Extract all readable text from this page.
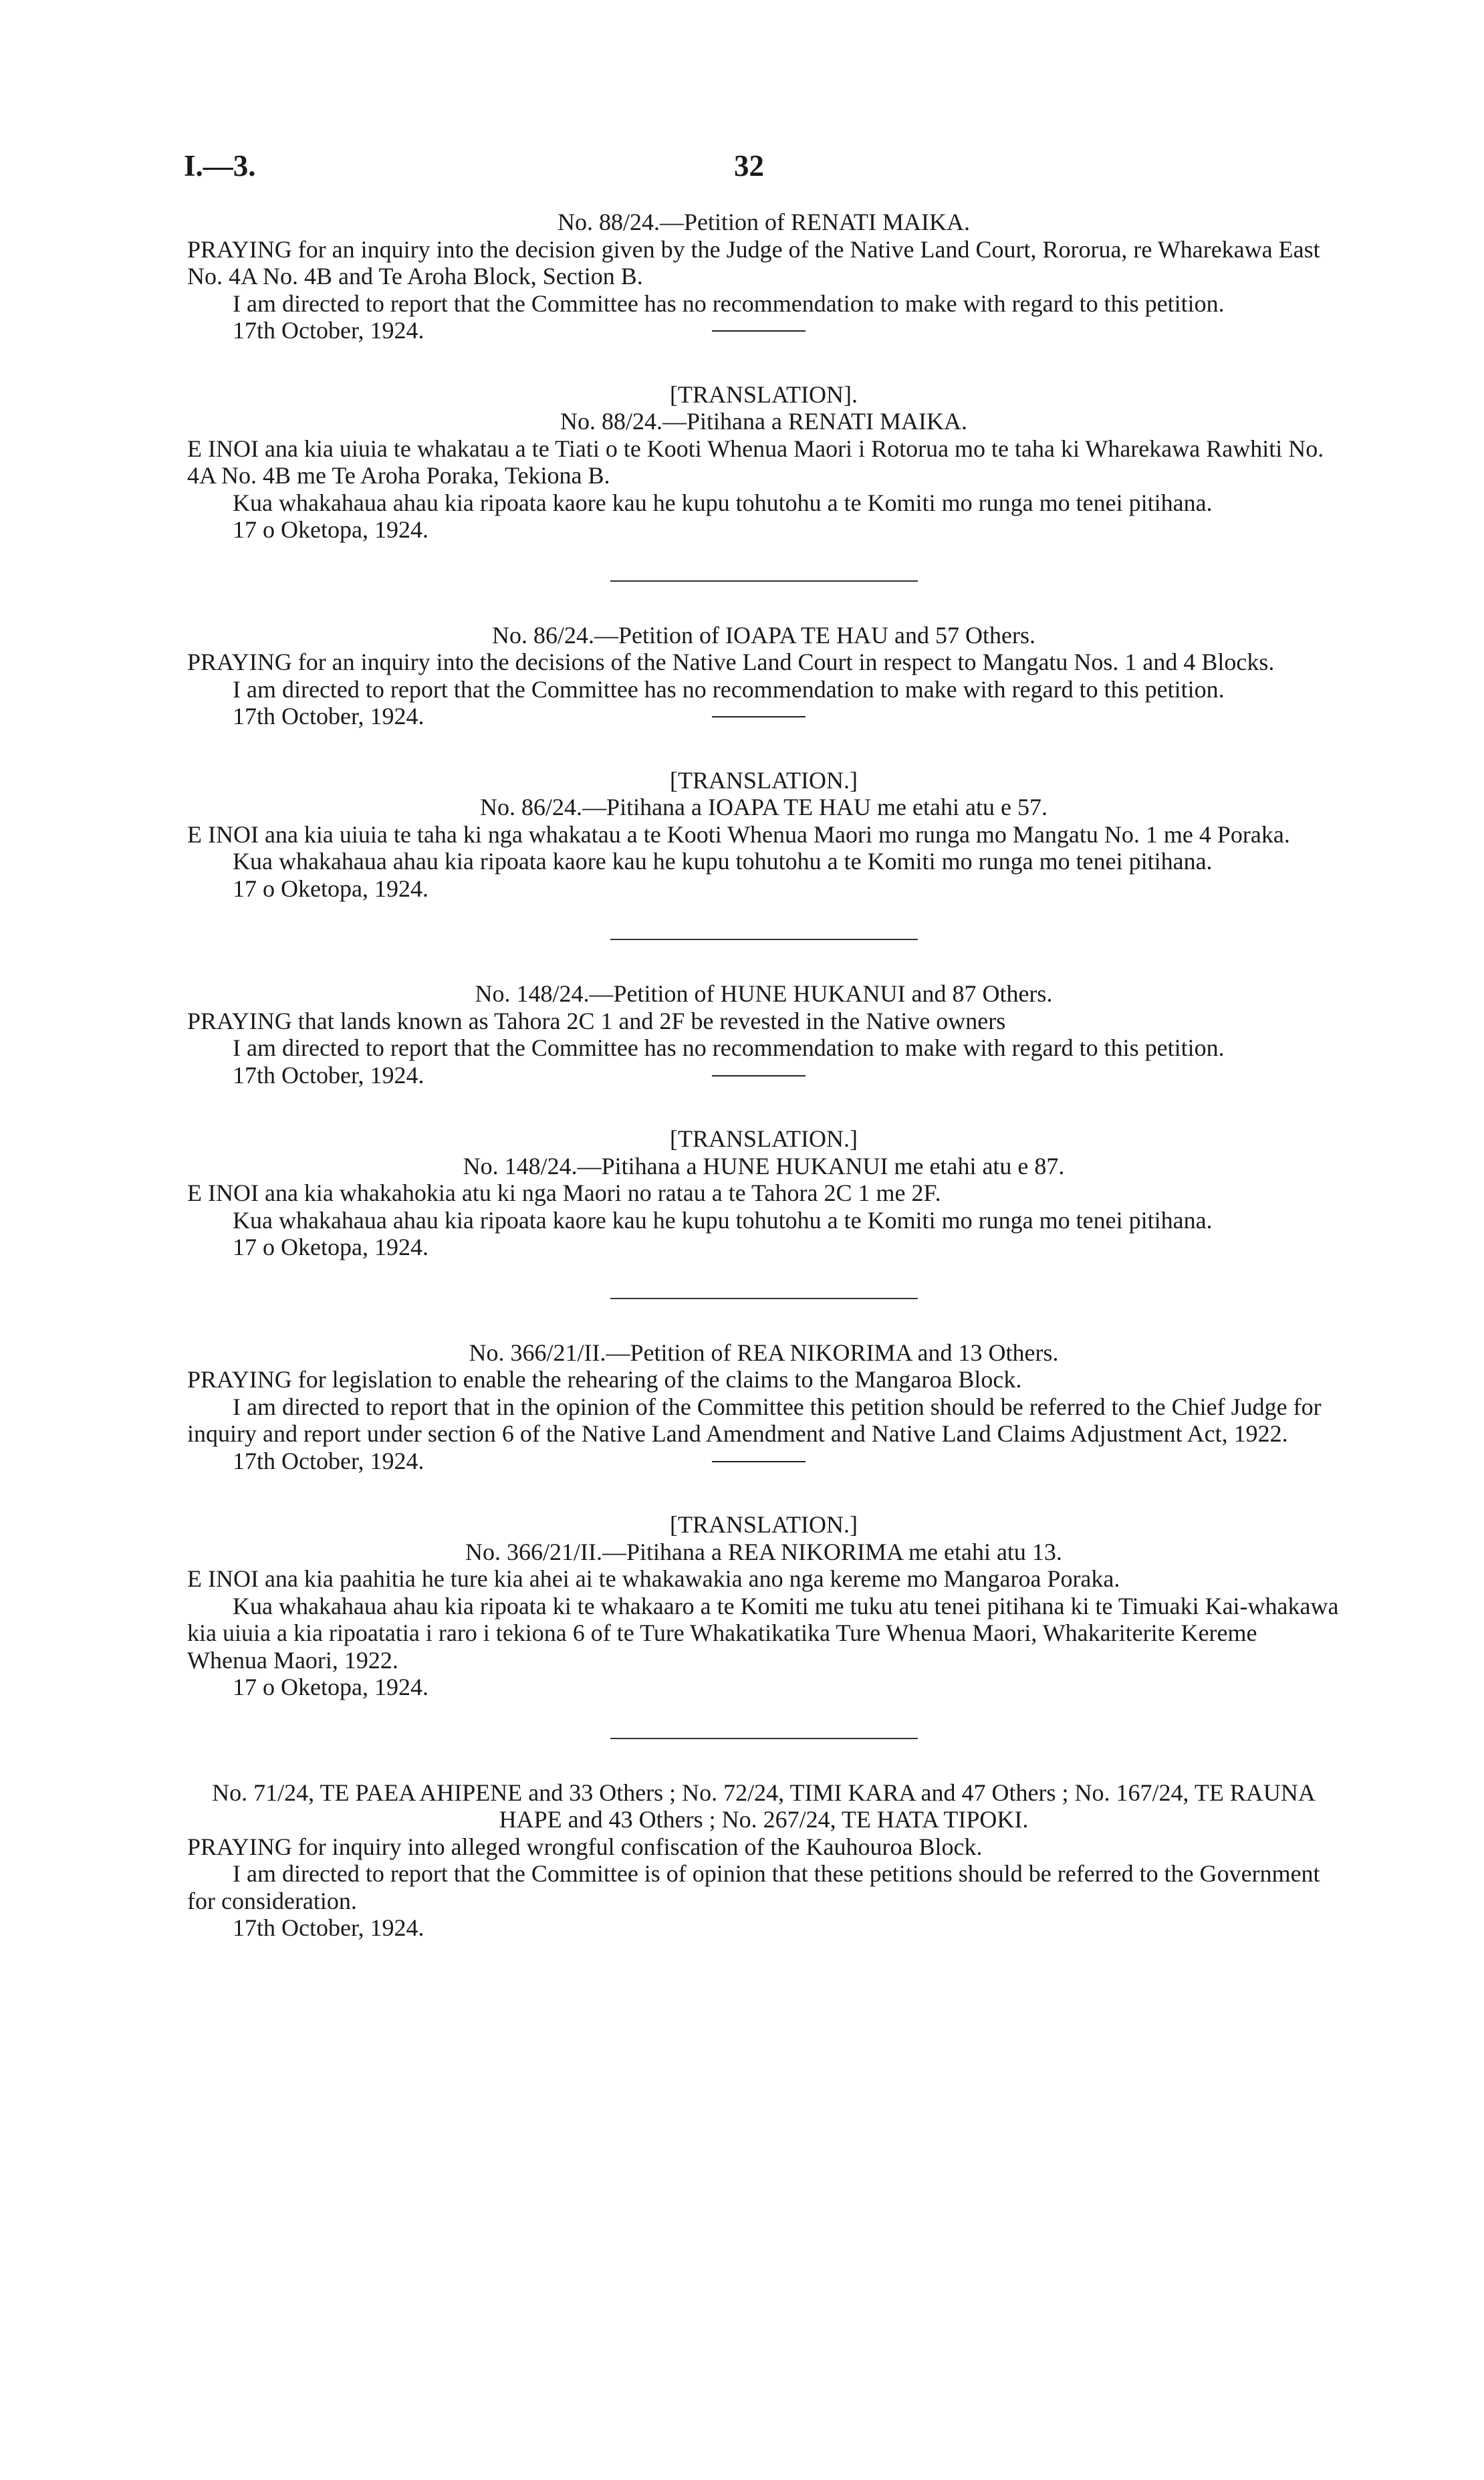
I.—3.	32

No. 88/24.—Petition of RENATI MAIKA.

PRAYING for an inquiry into the decision given by the Judge of the Native Land Court, Rororua, re Wharekawa East No. 4A No. 4B and Te Aroha Block, Section B.

I am directed to report that the Committee has no recommendation to make with regard to this petition.

17th October, 1924.

[TRANSLATION].

No. 88/24.—Pitihana a RENATI MAIKA.

E INOI ana kia uiuia te whakatau a te Tiati o te Kooti Whenua Maori i Rotorua mo te taha ki Wharekawa Rawhiti No. 4A No. 4B me Te Aroha Poraka, Tekiona B.

Kua whakahaua ahau kia ripoata kaore kau he kupu tohutohu a te Komiti mo runga mo tenei pitihana.

17 o Oketopa, 1924.

No. 86/24.—Petition of IOAPA TE HAU and 57 Others.

PRAYING for an inquiry into the decisions of the Native Land Court in respect to Mangatu Nos. 1 and 4 Blocks.

I am directed to report that the Committee has no recommendation to make with regard to this petition.

17th October, 1924.

[TRANSLATION.]

No. 86/24.—Pitihana a IOAPA TE HAU me etahi atu e 57.

E INOI ana kia uiuia te taha ki nga whakatau a te Kooti Whenua Maori mo runga mo Mangatu No. 1 me 4 Poraka.

Kua whakahaua ahau kia ripoata kaore kau he kupu tohutohu a te Komiti mo runga mo tenei pitihana.

17 o Oketopa, 1924.

No. 148/24.—Petition of HUNE HUKANUI and 87 Others.

PRAYING that lands known as Tahora 2C 1 and 2F be revested in the Native owners

I am directed to report that the Committee has no recommendation to make with regard to this petition.

17th October, 1924.

[TRANSLATION.]

No. 148/24.—Pitihana a HUNE HUKANUI me etahi atu e 87.

E INOI ana kia whakahokia atu ki nga Maori no ratau a te Tahora 2C 1 me 2F.

Kua whakahaua ahau kia ripoata kaore kau he kupu tohutohu a te Komiti mo runga mo tenei pitihana.

17 o Oketopa, 1924.

No. 366/21/II.—Petition of REA NIKORIMA and 13 Others.

PRAYING for legislation to enable the rehearing of the claims to the Mangaroa Block.

I am directed to report that in the opinion of the Committee this petition should be referred to the Chief Judge for inquiry and report under section 6 of the Native Land Amendment and Native Land Claims Adjustment Act, 1922.

17th October, 1924.

[TRANSLATION.]

No. 366/21/II.—Pitihana a REA NIKORIMA me etahi atu 13.

E INOI ana kia paahitia he ture kia ahei ai te whakawakia ano nga kereme mo Mangaroa Poraka.

Kua whakahaua ahau kia ripoata ki te whakaaro a te Komiti me tuku atu tenei pitihana ki te Timuaki Kai-whakawa kia uiuia a kia ripoatatia i raro i tekiona 6 of te Ture Whakatikatika Ture Whenua Maori, Whakariterite Kereme Whenua Maori, 1922.

17 o Oketopa, 1924.

No. 71/24, TE PAEA AHIPENE and 33 Others ; No. 72/24, TIMI KARA and 47 Others ; No. 167/24, TE RAUNA HAPE and 43 Others ; No. 267/24, TE HATA TIPOKI.

PRAYING for inquiry into alleged wrongful confiscation of the Kauhouroa Block.

I am directed to report that the Committee is of opinion that these petitions should be referred to the Government for consideration.

17th October, 1924.
